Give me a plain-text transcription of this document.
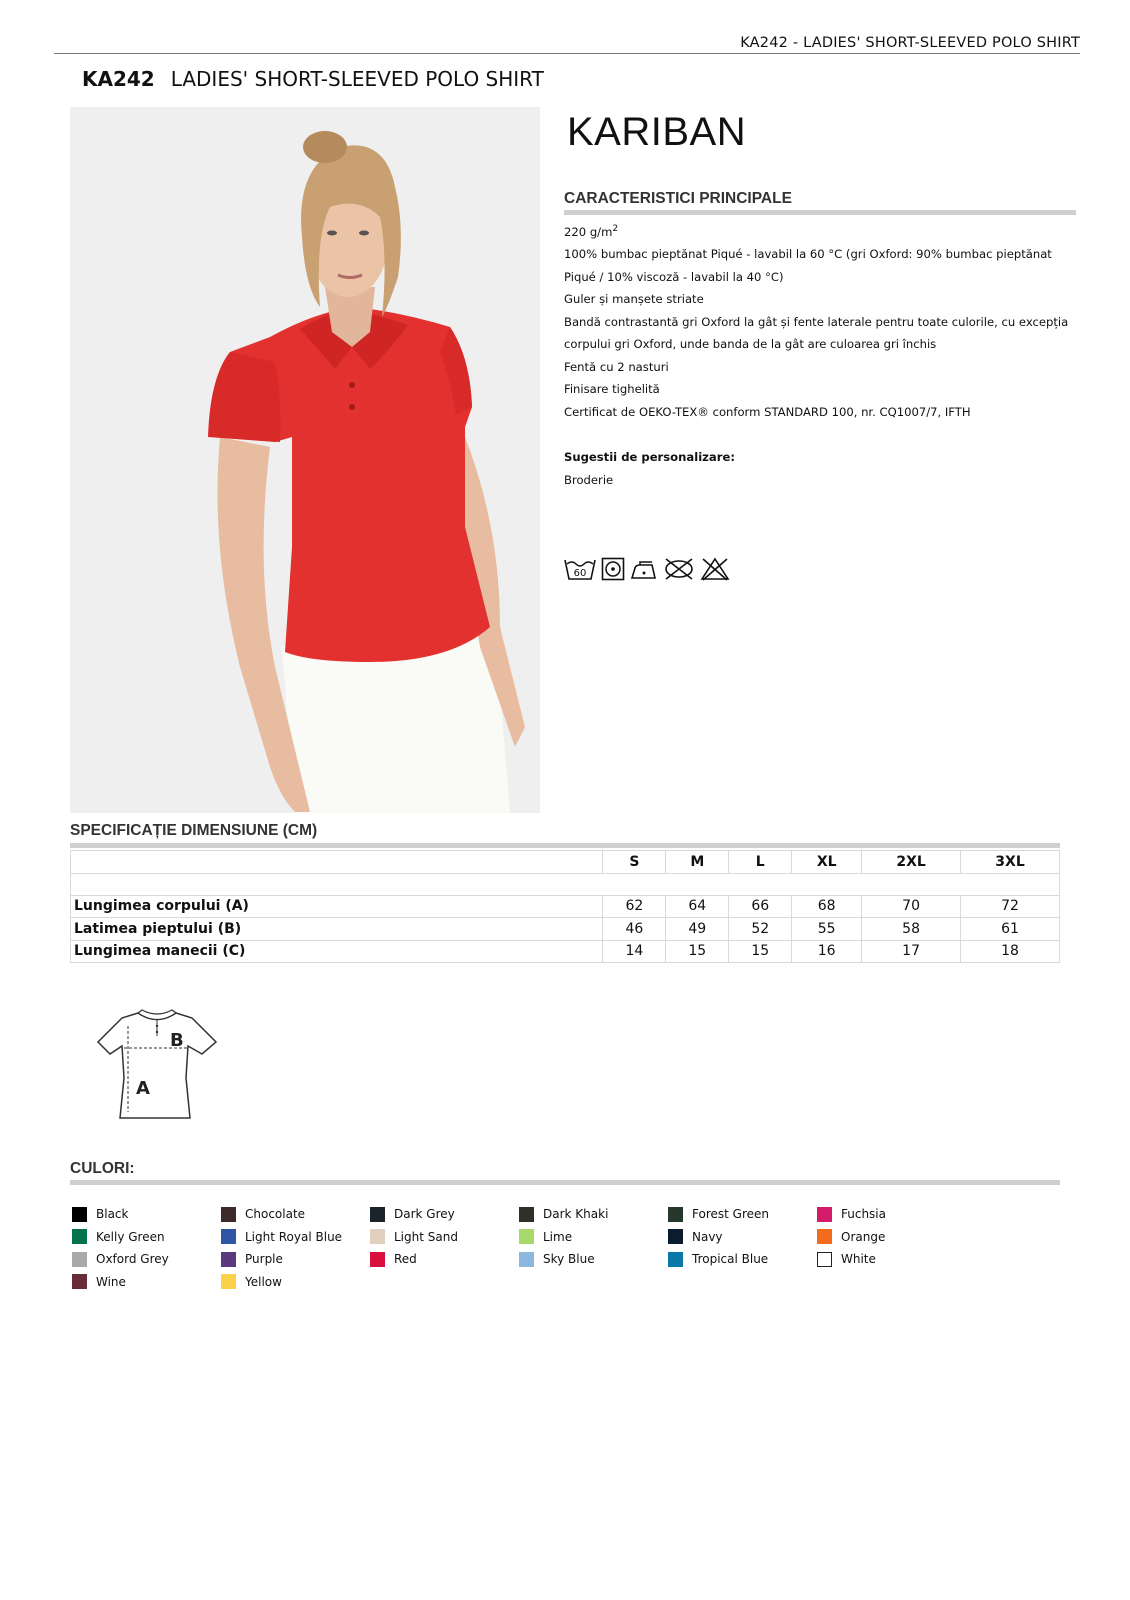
KA242 - LADIES' SHORT-SLEEVED POLO SHIRT
KA242 LADIES' SHORT-SLEEVED POLO SHIRT
KARIBAN
CARACTERISTICI PRINCIPALE
220 $g/m^2$
100% bumbac pieptănat Piqué - lavabil la 60 °C (gri Oxford: 90% bumbac pieptănat Piqué / 10% viscoză - lavabil la 40 °C)
Guler și manșete striate
Bandă contrastantă gri Oxford la gât și fente laterale pentru toate culorile, cu excepția corpului gri Oxford, unde banda de la gât are culoarea gri închis
Fentă cu 2 nasturi
Finisare tighelită
Certificat de OEKO-TEX® conform STANDARD 100, nr. CQ1007/7, IFTH
Sugestii de personalizare:
Broderie
60
SPECIFICAȚIE DIMENSIUNE (CM)
	S	M	L	XL	2XL	3XL

Lungimea corpului (A)	62	64	66	68	70	72
Latimea pieptului (B)	46	49	52	55	58	61
Lungimea manecii (C)	14	15	15	16	17	18
B
A
CULORI:
Black	Chocolate	Dark Grey	Dark Khaki	Forest Green	Fuchsia
Kelly Green	Light Royal Blue	Light Sand	Lime	Navy	Orange
Oxford Grey	Purple	Red	Sky Blue	Tropical Blue	White
Wine	Yellow
